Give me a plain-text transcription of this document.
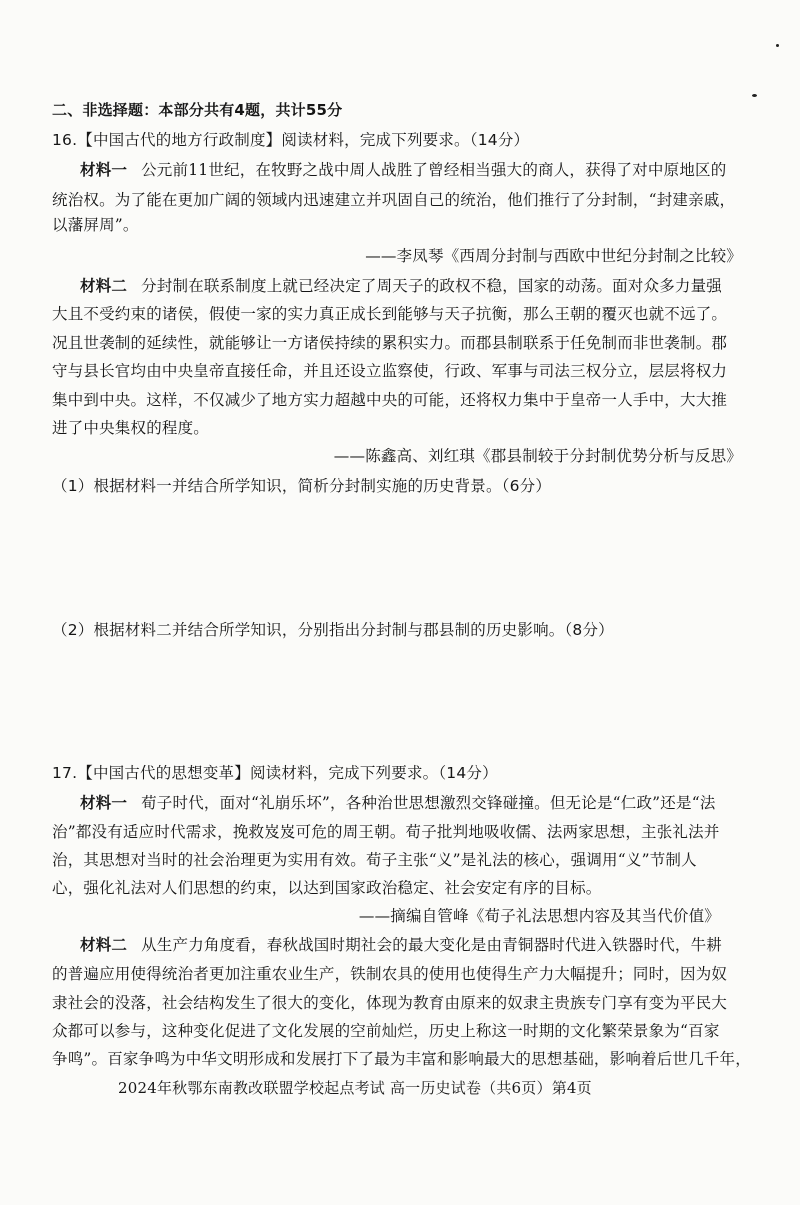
二、非选择题：本部分共有4题，共计55分
16.【中国古代的地方行政制度】阅读材料，完成下列要求。（14分）
材料一 公元前11世纪，在牧野之战中周人战胜了曾经相当强大的商人，获得了对中原地区的
统治权。为了能在更加广阔的领域内迅速建立并巩固自己的统治，他们推行了分封制，“封建亲戚，
以藩屏周”。
——李凤琴《西周分封制与西欧中世纪分封制之比较》
材料二 分封制在联系制度上就已经决定了周天子的政权不稳，国家的动荡。面对众多力量强
大且不受约束的诸侯，假使一家的实力真正成长到能够与天子抗衡，那么王朝的覆灭也就不远了。
况且世袭制的延续性，就能够让一方诸侯持续的累积实力。而郡县制联系于任免制而非世袭制。郡
守与县长官均由中央皇帝直接任命，并且还设立监察使，行政、军事与司法三权分立，层层将权力
集中到中央。这样，不仅减少了地方实力超越中央的可能，还将权力集中于皇帝一人手中，大大推
进了中央集权的程度。
——陈鑫高、刘红琪《郡县制较于分封制优势分析与反思》
（1）根据材料一并结合所学知识，简析分封制实施的历史背景。（6分）
（2）根据材料二并结合所学知识，分别指出分封制与郡县制的历史影响。（8分）
17.【中国古代的思想变革】阅读材料，完成下列要求。（14分）
材料一 荀子时代，面对“礼崩乐坏”，各种治世思想激烈交锋碰撞。但无论是“仁政”还是“法
治”都没有适应时代需求，挽救岌岌可危的周王朝。荀子批判地吸收儒、法两家思想，主张礼法并
治，其思想对当时的社会治理更为实用有效。荀子主张“义”是礼法的核心，强调用“义”节制人
心，强化礼法对人们思想的约束，以达到国家政治稳定、社会安定有序的目标。
——摘编自管峰《荀子礼法思想内容及其当代价值》
材料二 从生产力角度看，春秋战国时期社会的最大变化是由青铜器时代进入铁器时代，牛耕
的普遍应用使得统治者更加注重农业生产，铁制农具的使用也使得生产力大幅提升；同时，因为奴
隶社会的没落，社会结构发生了很大的变化，体现为教育由原来的奴隶主贵族专门享有变为平民大
众都可以参与，这种变化促进了文化发展的空前灿烂，历史上称这一时期的文化繁荣景象为“百家
争鸣”。百家争鸣为中华文明形成和发展打下了最为丰富和影响最大的思想基础，影响着后世几千年，
2024年秋鄂东南教改联盟学校起点考试 高一历史试卷（共6页）第4页
